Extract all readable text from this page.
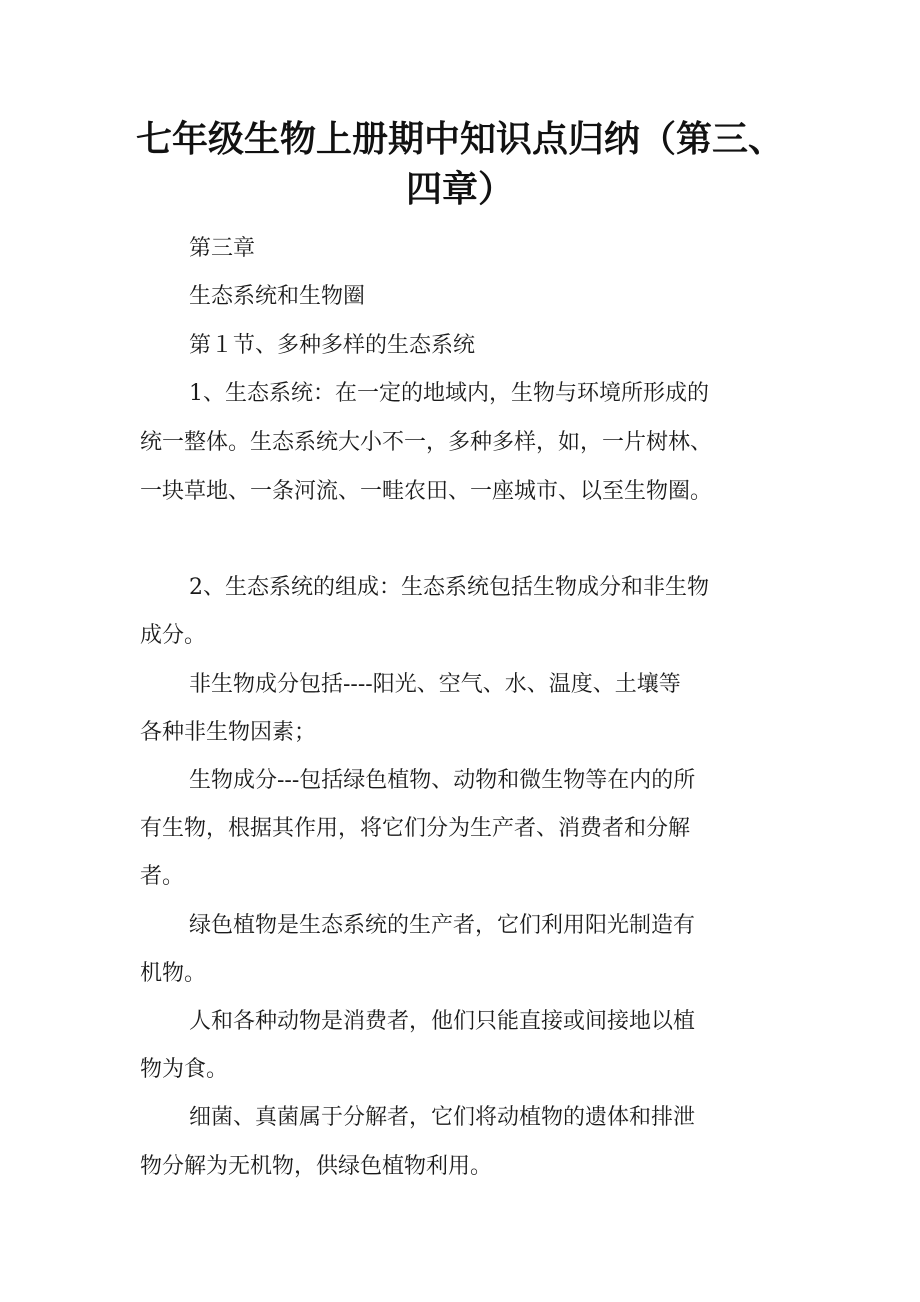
七年级生物上册期中知识点归纳（第三、
四章）
第三章
生态系统和生物圈
第１节、多种多样的生态系统
1、生态系统：在一定的地域内，生物与环境所形成的
统一整体。生态系统大小不一，多种多样，如，一片树林、
一块草地、一条河流、一畦农田、一座城市、以至生物圈。
2、生态系统的组成：生态系统包括生物成分和非生物
成分。
非生物成分包括----阳光、空气、水、温度、土壤等
各种非生物因素；
生物成分---包括绿色植物、动物和微生物等在内的所
有生物，根据其作用，将它们分为生产者、消费者和分解
者。
绿色植物是生态系统的生产者，它们利用阳光制造有
机物。
人和各种动物是消费者，他们只能直接或间接地以植
物为食。
细菌、真菌属于分解者，它们将动植物的遗体和排泄
物分解为无机物，供绿色植物利用。
